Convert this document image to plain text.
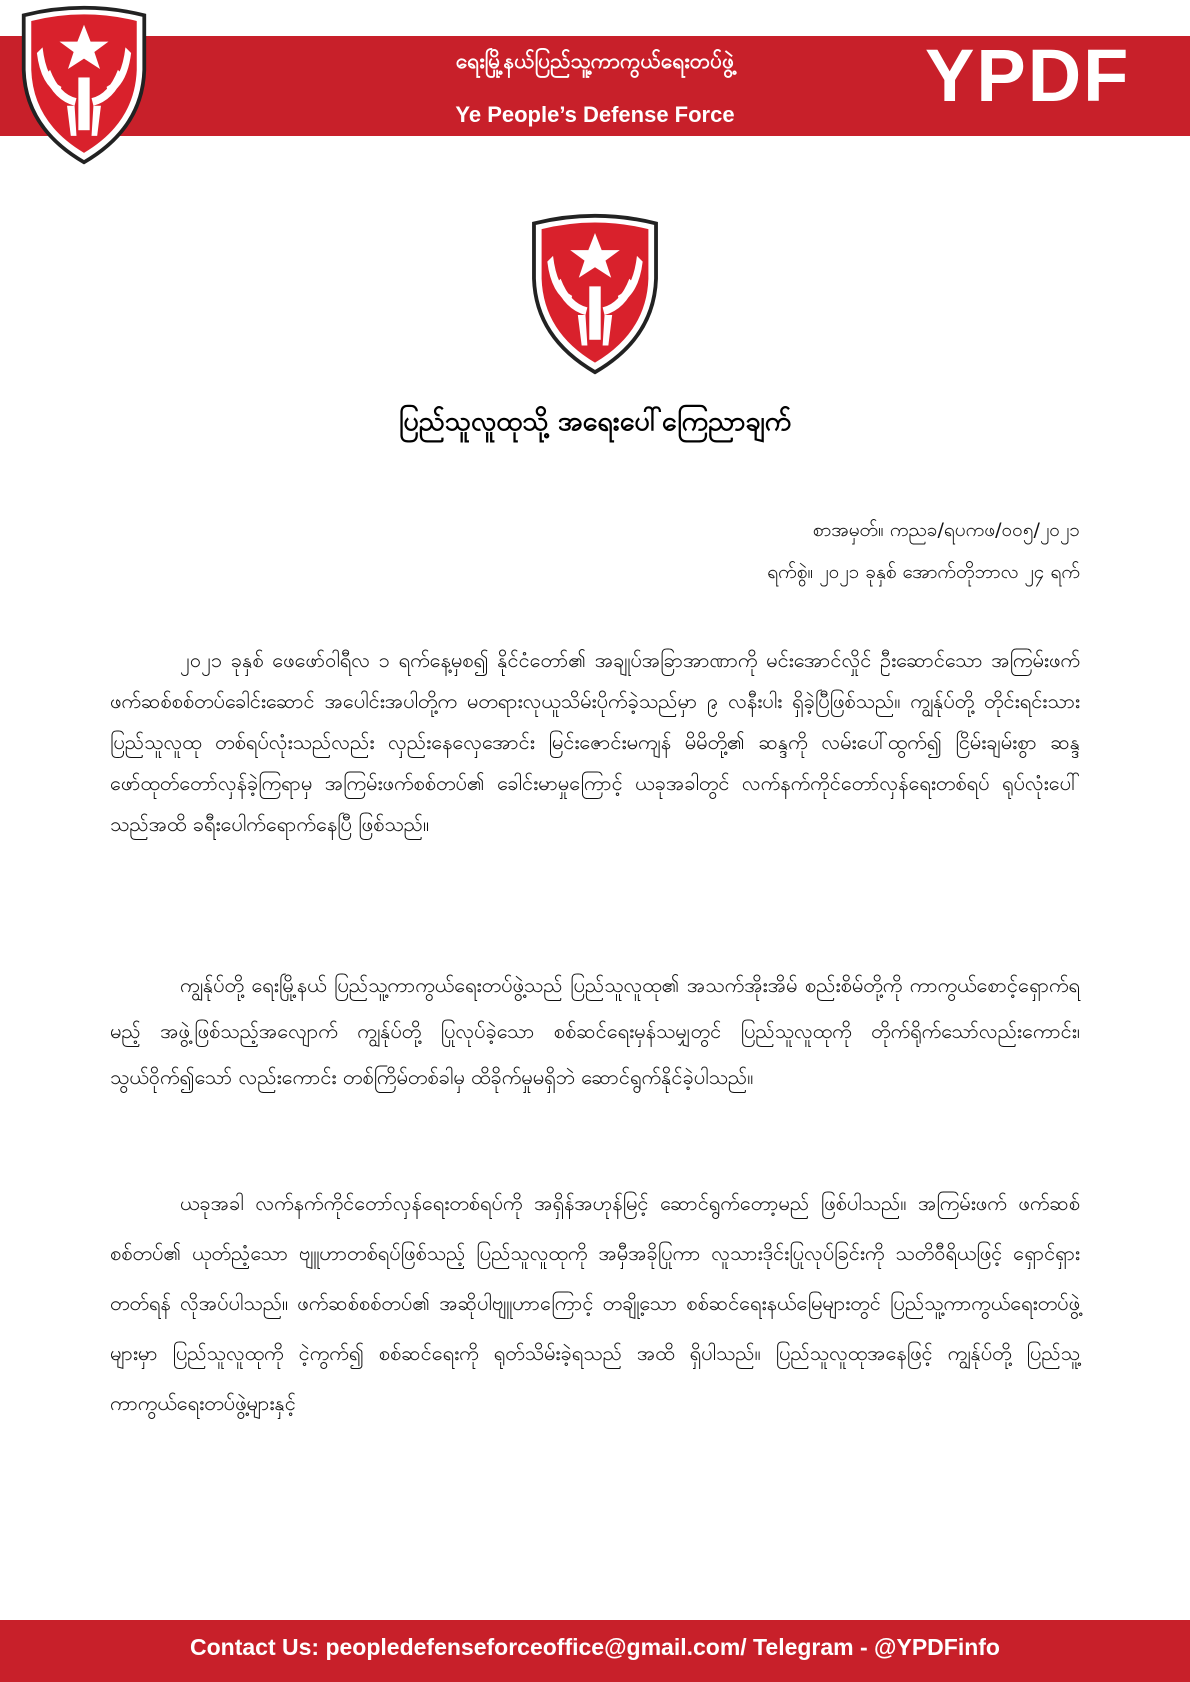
ရေးမြို့နယ်ပြည်သူ့ကာကွယ်ရေးတပ်ဖွဲ့
Ye People’s Defense Force	YPDF
ပြည်သူလူထုသို့ အရေးပေါ်ကြေညာချက်
စာအမှတ်။ ကညခ/ရပကဖ/၀၀၅/၂၀၂၁
ရက်စွဲ။ ၂၀၂၁ ခုနှစ် အောက်တိုဘာလ ၂၄ ရက်

၂၀၂၁ ခုနှစ် ဖေဖော်ဝါရီလ ၁ ရက်နေ့မှစ၍ နိုင်ငံတော်၏ အချုပ်အခြာအာဏာကို မင်းအောင်လှိုင် ဦးဆောင်သော အကြမ်းဖက် ဖက်ဆစ်စစ်တပ်ခေါင်းဆောင် အပေါင်းအပါတို့က မတရားလုယူသိမ်းပိုက်ခဲ့သည်မှာ ၉ လနီးပါး ရှိခဲ့ပြီဖြစ်သည်။ ကျွန်ုပ်တို့ တိုင်းရင်းသား ပြည်သူလူထု တစ်ရပ်လုံးသည်လည်း လှည်းနေလှေအောင်း မြင်းဇောင်းမကျန် မိမိတို့၏ ဆန္ဒကို လမ်းပေါ်ထွက်၍ ငြိမ်းချမ်းစွာ ဆန္ဒဖော်ထုတ်တော်လှန်ခဲ့ကြရာမှ အကြမ်းဖက်စစ်တပ်၏ ခေါင်းမာမှုကြောင့် ယခုအခါတွင် လက်နက်ကိုင်တော်လှန်ရေးတစ်ရပ် ရုပ်လုံးပေါ်သည်အထိ ခရီးပေါက်ရောက်နေပြီ ဖြစ်သည်။

ကျွန်ုပ်တို့ ရေးမြို့နယ် ပြည်သူ့ကာကွယ်ရေးတပ်ဖွဲ့သည် ပြည်သူလူထု၏ အသက်အိုးအိမ် စည်းစိမ်တို့ကို ကာကွယ်စောင့်ရှောက်ရမည့် အဖွဲ့ဖြစ်သည့်အလျောက် ကျွန်ုပ်တို့ ပြုလုပ်ခဲ့သော စစ်ဆင်ရေးမှန်သမျှတွင် ပြည်သူလူထုကို တိုက်ရိုက်သော်လည်းကောင်း၊ သွယ်ဝိုက်၍သော် လည်းကောင်း တစ်ကြိမ်တစ်ခါမှ ထိခိုက်မှုမရှိဘဲ ဆောင်ရွက်နိုင်ခဲ့ပါသည်။

ယခုအခါ လက်နက်ကိုင်တော်လှန်ရေးတစ်ရပ်ကို အရှိန်အဟုန်မြင့် ဆောင်ရွက်တော့မည် ဖြစ်ပါသည်။ အကြမ်းဖက် ဖက်ဆစ်စစ်တပ်၏ ယုတ်ညံ့သော ဗျူဟာတစ်ရပ်ဖြစ်သည့် ပြည်သူလူထုကို အမှီအခိုပြုကာ လူသားဒိုင်းပြုလုပ်ခြင်းကို သတိဝီရိယဖြင့် ရှောင်ရှားတတ်ရန် လိုအပ်ပါသည်။ ဖက်ဆစ်စစ်တပ်၏ အဆိုပါဗျူဟာကြောင့် တချို့သော စစ်ဆင်ရေးနယ်မြေများတွင် ပြည်သူ့ကာကွယ်ရေးတပ်ဖွဲ့များမှာ ပြည်သူလူထုကို ငဲ့ကွက်၍ စစ်ဆင်ရေးကို ရုတ်သိမ်းခဲ့ရသည် အထိ ရှိပါသည်။ ပြည်သူလူထုအနေဖြင့် ကျွန်ုပ်တို့ ပြည်သူ့ကာကွယ်ရေးတပ်ဖွဲ့များနှင့်

Contact Us: peopledefenseforceoffice@gmail.com/ Telegram - @YPDFinfo
